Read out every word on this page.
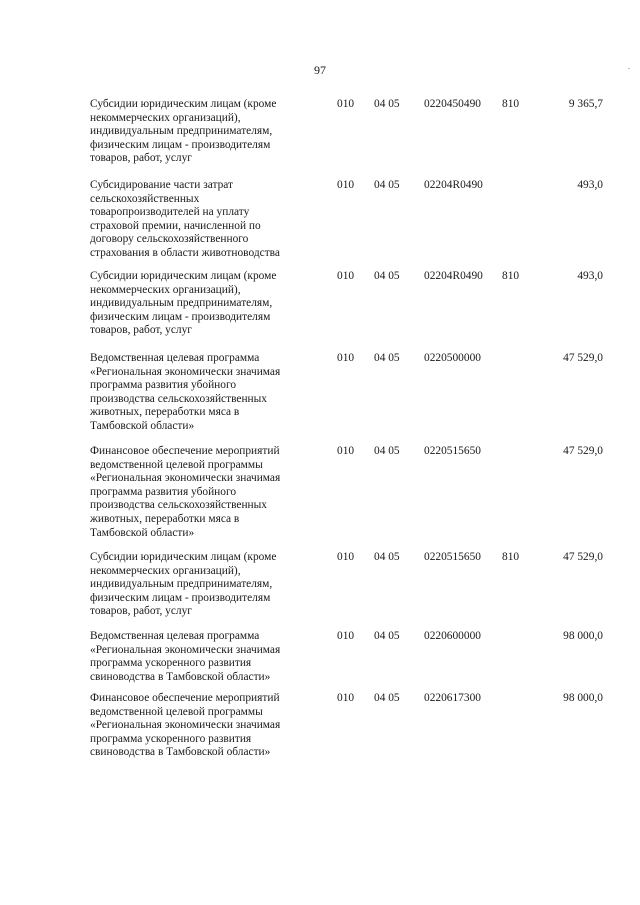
97	.
Субсидии юридическим лицам (кроме
некоммерческих организаций),
индивидуальным предпринимателям,
физическим лицам - производителям
товаров, работ, услуг
010 04 05 0220450490 810	9 365,7
Субсидирование части затрат
сельскохозяйственных
товаропроизводителей на уплату
страховой премии, начисленной по
договору сельскохозяйственного
страхования в области животноводства
010 04 05 02204R0490	493,0
Субсидии юридическим лицам (кроме
некоммерческих организаций),
индивидуальным предпринимателям,
физическим лицам - производителям
товаров, работ, услуг
010 04 05 02204R0490 810	493,0
Ведомственная целевая программа
«Региональная экономически значимая
программа развития убойного
производства сельскохозяйственных
животных, переработки мяса в
Тамбовской области»
010 04 05 0220500000	47 529,0
Финансовое обеспечение мероприятий
ведомственной целевой программы
«Региональная экономически значимая
программа развития убойного
производства сельскохозяйственных
животных, переработки мяса в
Тамбовской области»
010 04 05 0220515650	47 529,0
Субсидии юридическим лицам (кроме
некоммерческих организаций),
индивидуальным предпринимателям,
физическим лицам - производителям
товаров, работ, услуг
010 04 05 0220515650 810	47 529,0
Ведомственная целевая программа
«Региональная экономически значимая
программа ускоренного развития
свиноводства в Тамбовской области»
010 04 05 0220600000	98 000,0
Финансовое обеспечение мероприятий
ведомственной целевой программы
«Региональная экономически значимая
программа ускоренного развития
свиноводства в Тамбовской области»
010 04 05 0220617300	98 000,0
